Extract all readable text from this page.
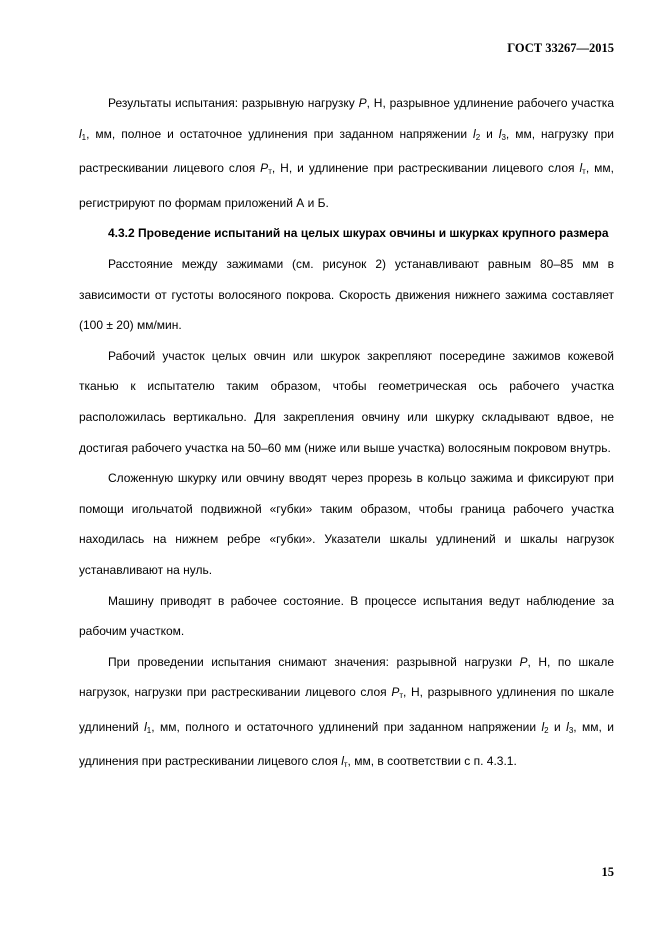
ГОСТ 33267—2015

Результаты испытания: разрывную нагрузку P, Н, разрывное удлинение рабочего участка $l_1$, мм, полное и остаточное удлинения при заданном напряжении $l_2$ и $l_3$, мм, нагрузку при растрескивании лицевого слоя $P_т$, Н, и удлинение при растрескивании лицевого слоя $l_т$, мм, регистрируют по формам приложений А и Б.

4.3.2 Проведение испытаний на целых шкурах овчины и шкурках крупного размера

Расстояние между зажимами (см. рисунок 2) устанавливают равным 80–85 мм в зависимости от густоты волосяного покрова. Скорость движения нижнего зажима составляет (100 ± 20) мм/мин.

Рабочий участок целых овчин или шкурок закрепляют посередине зажимов кожевой тканью к испытателю таким образом, чтобы геометрическая ось рабочего участка расположилась вертикально. Для закрепления овчину или шкурку складывают вдвое, не достигая рабочего участка на 50–60 мм (ниже или выше участка) волосяным покровом внутрь.

Сложенную шкурку или овчину вводят через прорезь в кольцо зажима и фиксируют при помощи игольчатой подвижной «губки» таким образом, чтобы граница рабочего участка находилась на нижнем ребре «губки». Указатели шкалы удлинений и шкалы нагрузок устанавливают на нуль.

Машину приводят в рабочее состояние. В процессе испытания ведут наблюдение за рабочим участком.

При проведении испытания снимают значения: разрывной нагрузки P, Н, по шкале нагрузок, нагрузки при растрескивании лицевого слоя $P_т$, Н, разрывного удлинения по шкале удлинений $l_1$, мм, полного и остаточного удлинений при заданном напряжении $l_2$ и $l_3$, мм, и удлинения при растрескивании лицевого слоя $l_т$, мм, в соответствии с п. 4.3.1.

15
